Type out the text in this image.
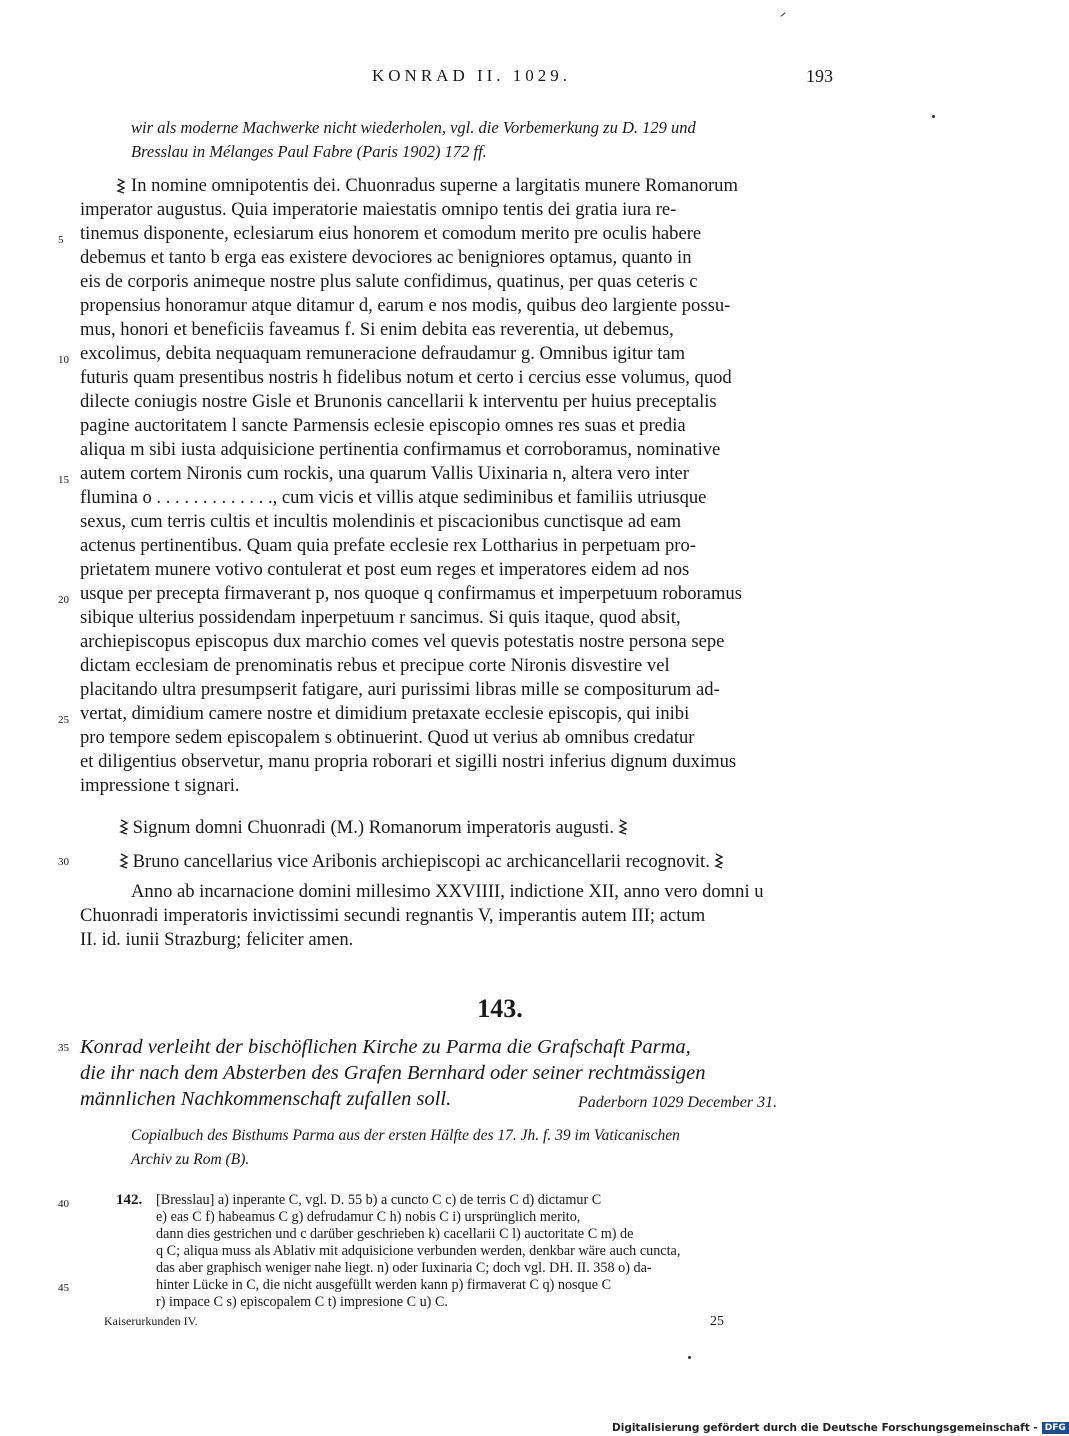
KONRAD II. 1029.	193
wir als moderne Machwerke nicht wiederholen, vgl. die Vorbemerkung zu D. 129 und
Bresslau in Mélanges Paul Fabre (Paris 1902) 172 ff.
In nomine omnipotentis dei. Chuonradus superne a largitatis munere Romanorum
imperator augustus. Quia imperatorie maiestatis omnipo tentis dei gratia iura re-
tinemus disponente, eclesiarum eius honorem et comodum merito pre oculis habere
debemus et tanto b erga eas existere devociores ac benigniores optamus, quanto in
eis de corporis animeque nostre plus salute confidimus, quatinus, per quas ceteris c
propensius honoramur atque ditamur d, earum e nos modis, quibus deo largiente possu-
mus, honori et beneficiis faveamus f. Si enim debita eas reverentia, ut debemus,
excolimus, debita nequaquam remuneracione defraudamur g. Omnibus igitur tam
futuris quam presentibus nostris h fidelibus notum et certo i cercius esse volumus, quod
dilecte coniugis nostre Gisle et Brunonis cancellarii k interventu per huius preceptalis
pagine auctoritatem l sancte Parmensis eclesie episcopio omnes res suas et predia
aliqua m sibi iusta adquisicione pertinentia confirmamus et corroboramus, nominative
autem cortem Nironis cum rockis, una quarum Vallis Uixinaria n, altera vero inter
flumina o . . . . . . . . . . . . ., cum vicis et villis atque sediminibus et familiis utriusque
sexus, cum terris cultis et incultis molendinis et piscacionibus cunctisque ad eam
actenus pertinentibus. Quam quia prefate ecclesie rex Lottharius in perpetuam pro-
prietatem munere votivo contulerat et post eum reges et imperatores eidem ad nos
usque per precepta firmaverant p, nos quoque q confirmamus et imperpetuum roboramus
sibique ulterius possidendam inperpetuum r sancimus. Si quis itaque, quod absit,
archiepiscopus episcopus dux marchio comes vel quevis potestatis nostre persona sepe
dictam ecclesiam de prenominatis rebus et precipue corte Nironis disvestire vel
placitando ultra presumpserit fatigare, auri purissimi libras mille se compositurum ad-
vertat, dimidium camere nostre et dimidium pretaxate ecclesie episcopis, qui inibi
pro tempore sedem episcopalem s obtinuerint. Quod ut verius ab omnibus credatur
et diligentius observetur, manu propria roborari et sigilli nostri inferius dignum duximus
impressione t signari.
5
10
15
20
25
30
35
40
45
Signum domni Chuonradi (M.) Romanorum imperatoris augusti.
Bruno cancellarius vice Aribonis archiepiscopi ac archicancellarii recognovit.
Anno ab incarnacione domini millesimo XXVIIII, indictione XII, anno vero domni u
Chuonradi imperatoris invictissimi secundi regnantis V, imperantis autem III; actum
II. id. iunii Strazburg; feliciter amen.
143.
Konrad verleiht der bischöflichen Kirche zu Parma die Grafschaft Parma,
die ihr nach dem Absterben des Grafen Bernhard oder seiner rechtmässigen
männlichen Nachkommenschaft zufallen soll.	Paderborn 1029 December 31.
Copialbuch des Bisthums Parma aus der ersten Hälfte des 17. Jh. f. 39 im Vaticanischen
Archiv zu Rom (B).
142. [Bresslau] a) inperante C, vgl. D. 55 b) a cuncto C c) de terris C d) dictamur C
e) eas C f) habeamus C g) defrudamur C h) nobis C i) ursprünglich merito,
dann dies gestrichen und c darüber geschrieben k) cacellarii C l) auctoritate C m) de
q C; aliqua muss als Ablativ mit adquisicione verbunden werden, denkbar wäre auch cuncta,
das aber graphisch weniger nahe liegt. n) oder Iuxinaria C; doch vgl. DH. II. 358 o) da-
hinter Lücke in C, die nicht ausgefüllt werden kann p) firmaverat C q) nosque C
r) impace C s) episcopalem C t) impresione C u) C.
Kaiserurkunden IV.	25
Digitalisierung gefördert durch die Deutsche Forschungsgemeinschaft - DFG
